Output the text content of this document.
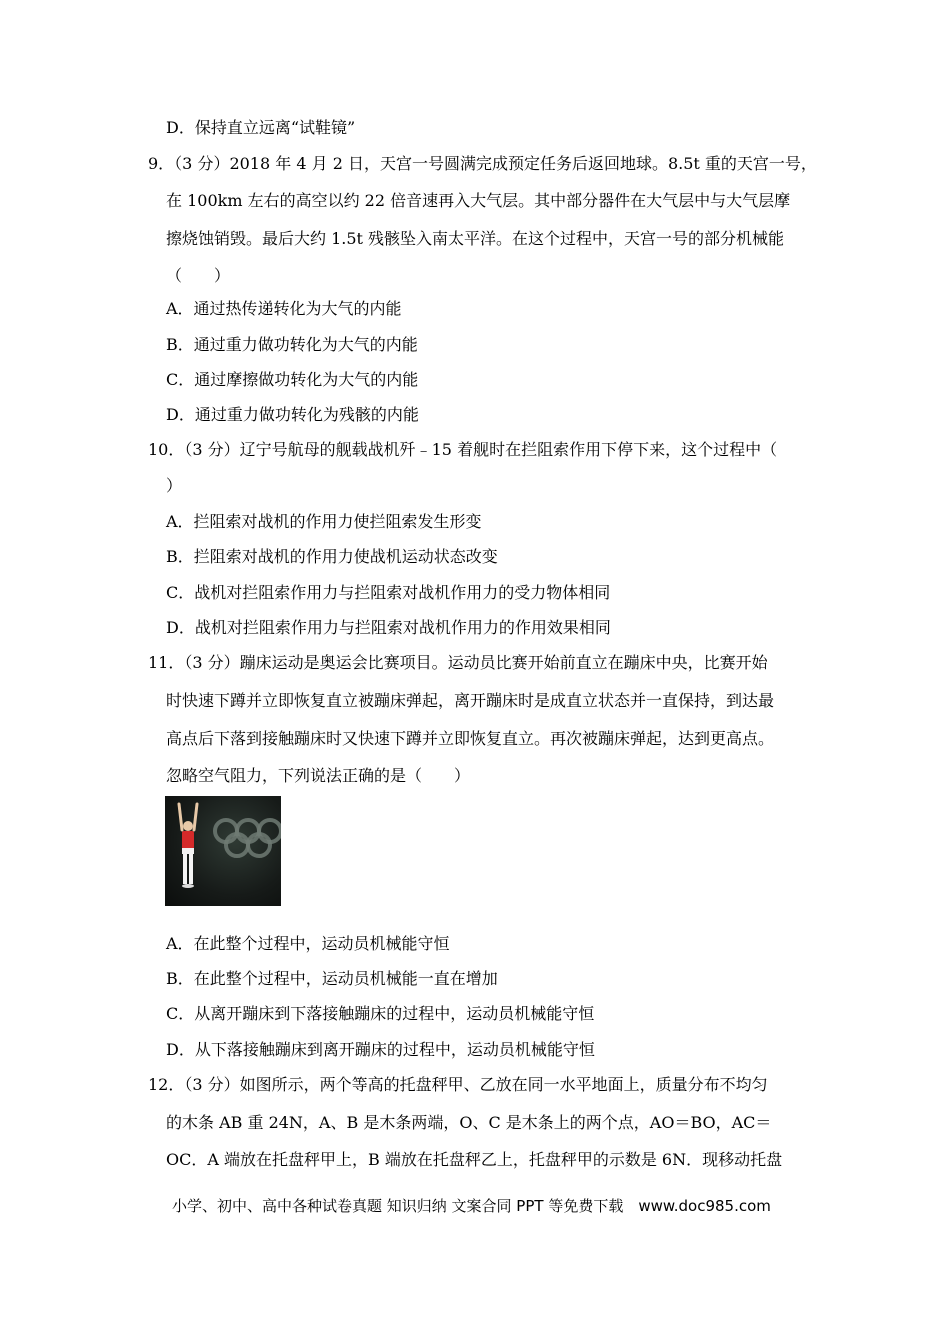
D．保持直立远离“试鞋镜”
9．（3 分）2018 年 4 月 2 日，天宫一号圆满完成预定任务后返回地球。8.5t 重的天宫一号，
在 100km 左右的高空以约 22 倍音速再入大气层。其中部分器件在大气层中与大气层摩
擦烧蚀销毁。最后大约 1.5t 残骸坠入南太平洋。在这个过程中，天宫一号的部分机械能
（　　）
A．通过热传递转化为大气的内能
B．通过重力做功转化为大气的内能
C．通过摩擦做功转化为大气的内能
D．通过重力做功转化为残骸的内能
10．（3 分）辽宁号航母的舰载战机歼﹣15 着舰时在拦阻索作用下停下来，这个过程中（
）
A．拦阻索对战机的作用力使拦阻索发生形变
B．拦阻索对战机的作用力使战机运动状态改变
C．战机对拦阻索作用力与拦阻索对战机作用力的受力物体相同
D．战机对拦阻索作用力与拦阻索对战机作用力的作用效果相同
11．（3 分）蹦床运动是奥运会比赛项目。运动员比赛开始前直立在蹦床中央，比赛开始
时快速下蹲并立即恢复直立被蹦床弹起，离开蹦床时是成直立状态并一直保持，到达最
高点后下落到接触蹦床时又快速下蹲并立即恢复直立。再次被蹦床弹起，达到更高点。
忽略空气阻力，下列说法正确的是（　　）
A．在此整个过程中，运动员机械能守恒
B．在此整个过程中，运动员机械能一直在增加
C．从离开蹦床到下落接触蹦床的过程中，运动员机械能守恒
D．从下落接触蹦床到离开蹦床的过程中，运动员机械能守恒
12．（3 分）如图所示，两个等高的托盘秤甲、乙放在同一水平地面上，质量分布不均匀
的木条 AB 重 24N，A、B 是木条两端，O、C 是木条上的两个点，AO＝BO，AC＝
OC．A 端放在托盘秤甲上，B 端放在托盘秤乙上，托盘秤甲的示数是 6N．现移动托盘
小学、初中、高中各种试卷真题 知识归纳 文案合同 PPT 等免费下载　www.doc985.com
